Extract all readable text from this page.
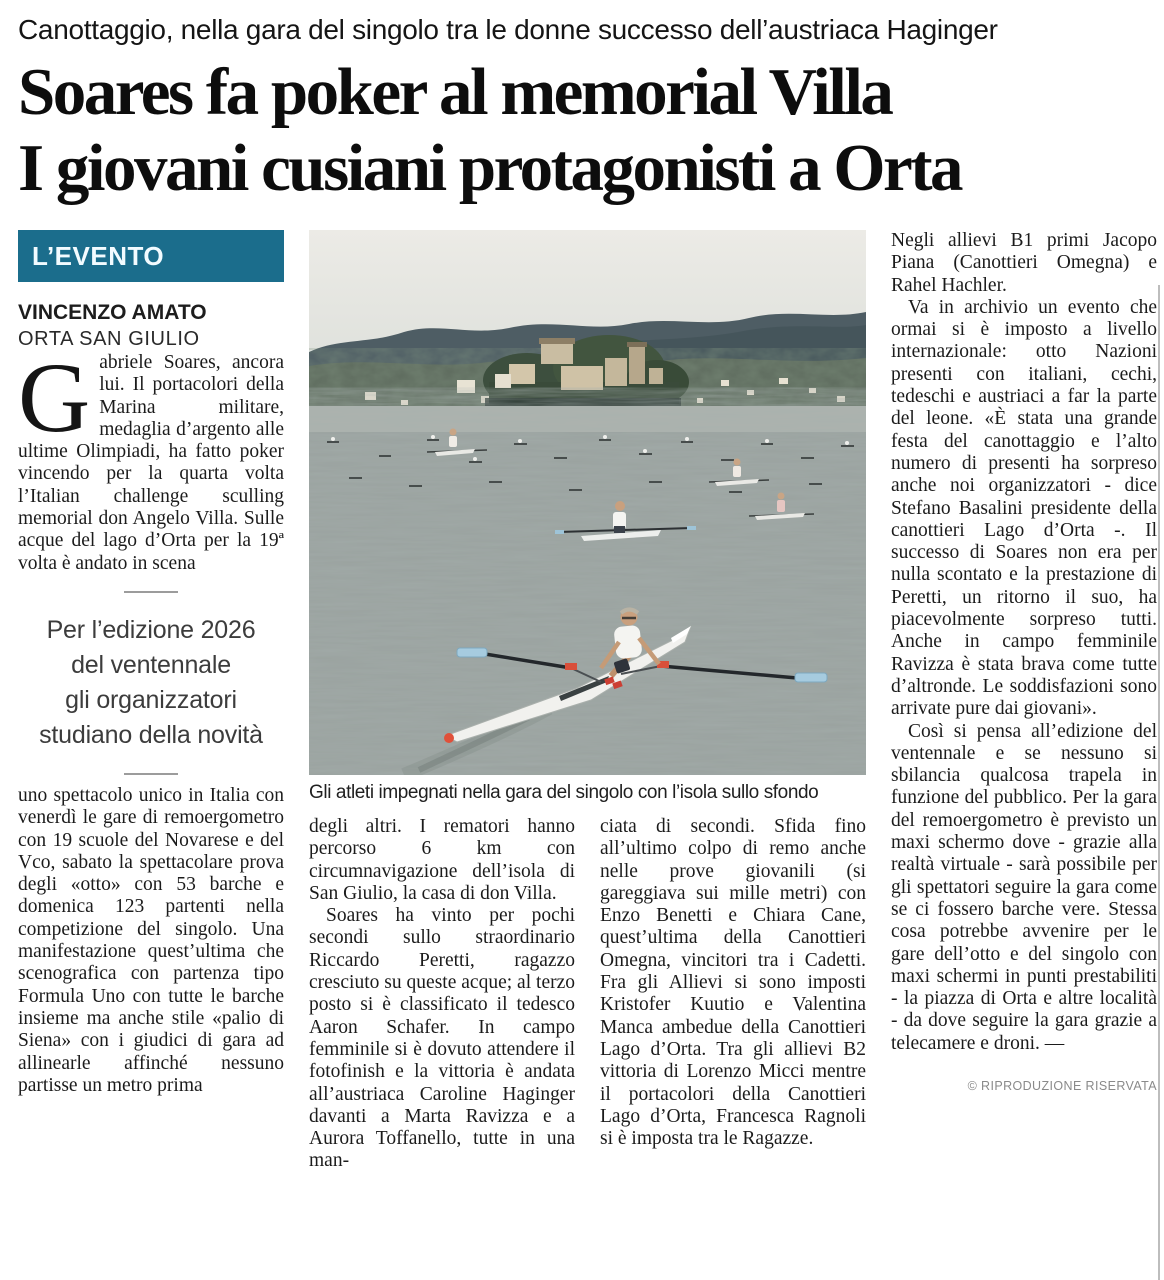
Canottaggio, nella gara del singolo tra le donne successo dell’austriaca Haginger
Soares fa poker al memorial Villa
I giovani cusiani protagonisti a Orta
L’EVENTO
VINCENZO AMATO
ORTA SAN GIULIO

Gabriele Soares, ancora lui. Il portacolori della Marina militare, medaglia d’argento alle ultime Olimpiadi, ha fatto poker vincendo per la quarta volta l’Italian challenge sculling memorial don Angelo Villa. Sulle acque del lago d’Orta per la 19ª volta è andato in scena

Per l’edizione 2026
del ventennale
gli organizzatori
studiano della novità

uno spettacolo unico in Italia con venerdì le gare di remoergometro con 19 scuole del Novarese e del Vco, sabato la spettacolare prova degli «otto» con 53 barche e domenica 123 partenti nella competizione del singolo. Una manifestazione quest’ultima che scenografica con partenza tipo Formula Uno con tutte le barche insieme ma anche stile «palio di Siena» con i giudici di gara ad allinearle affinché nessuno partisse un metro prima

Gli atleti impegnati nella gara del singolo con l’isola sullo sfondo

degli altri. I rematori hanno percorso 6 km con circumnavigazione dell’isola di San Giulio, la casa di don Villa.

Soares ha vinto per pochi secondi sullo straordinario Riccardo Peretti, ragazzo cresciuto su queste acque; al terzo posto si è classificato il tedesco Aaron Schafer. In campo femminile si è dovuto attendere il fotofinish e la vittoria è andata all’austriaca Caroline Haginger davanti a Marta Ravizza e a Aurora Toffanello, tutte in una man-

ciata di secondi. Sfida fino all’ultimo colpo di remo anche nelle prove giovanili (si gareggiava sui mille metri) con Enzo Benetti e Chiara Cane, quest’ultima della Canottieri Omegna, vincitori tra i Cadetti. Fra gli Allievi si sono imposti Kristofer Kuutio e Valentina Manca ambedue della Canottieri Lago d’Orta. Tra gli allievi B2 vittoria di Lorenzo Micci mentre il portacolori della Canottieri Lago d’Orta, Francesca Ragnoli si è imposta tra le Ragazze.

Negli allievi B1 primi Jacopo Piana (Canottieri Omegna) e Rahel Hachler.

Va in archivio un evento che ormai si è imposto a livello internazionale: otto Nazioni presenti con italiani, cechi, tedeschi e austriaci a far la parte del leone. «È stata una grande festa del canottaggio e l’alto numero di presenti ha sorpreso anche noi organizzatori - dice Stefano Basalini presidente della canottieri Lago d’Orta -. Il successo di Soares non era per nulla scontato e la prestazione di Peretti, un ritorno il suo, ha piacevolmente sorpreso tutti. Anche in campo femminile Ravizza è stata brava come tutte d’altronde. Le soddisfazioni sono arrivate pure dai giovani».

Così si pensa all’edizione del ventennale e se nessuno si sbilancia qualcosa trapela in funzione del pubblico. Per la gara del remoergometro è previsto un maxi schermo dove - grazie alla realtà virtuale - sarà possibile per gli spettatori seguire la gara come se ci fossero barche vere. Stessa cosa potrebbe avvenire per le gare dell’otto e del singolo con maxi schermi in punti prestabiliti - la piazza di Orta e altre località - da dove seguire la gara grazie a telecamere e droni. —

© RIPRODUZIONE RISERVATA
